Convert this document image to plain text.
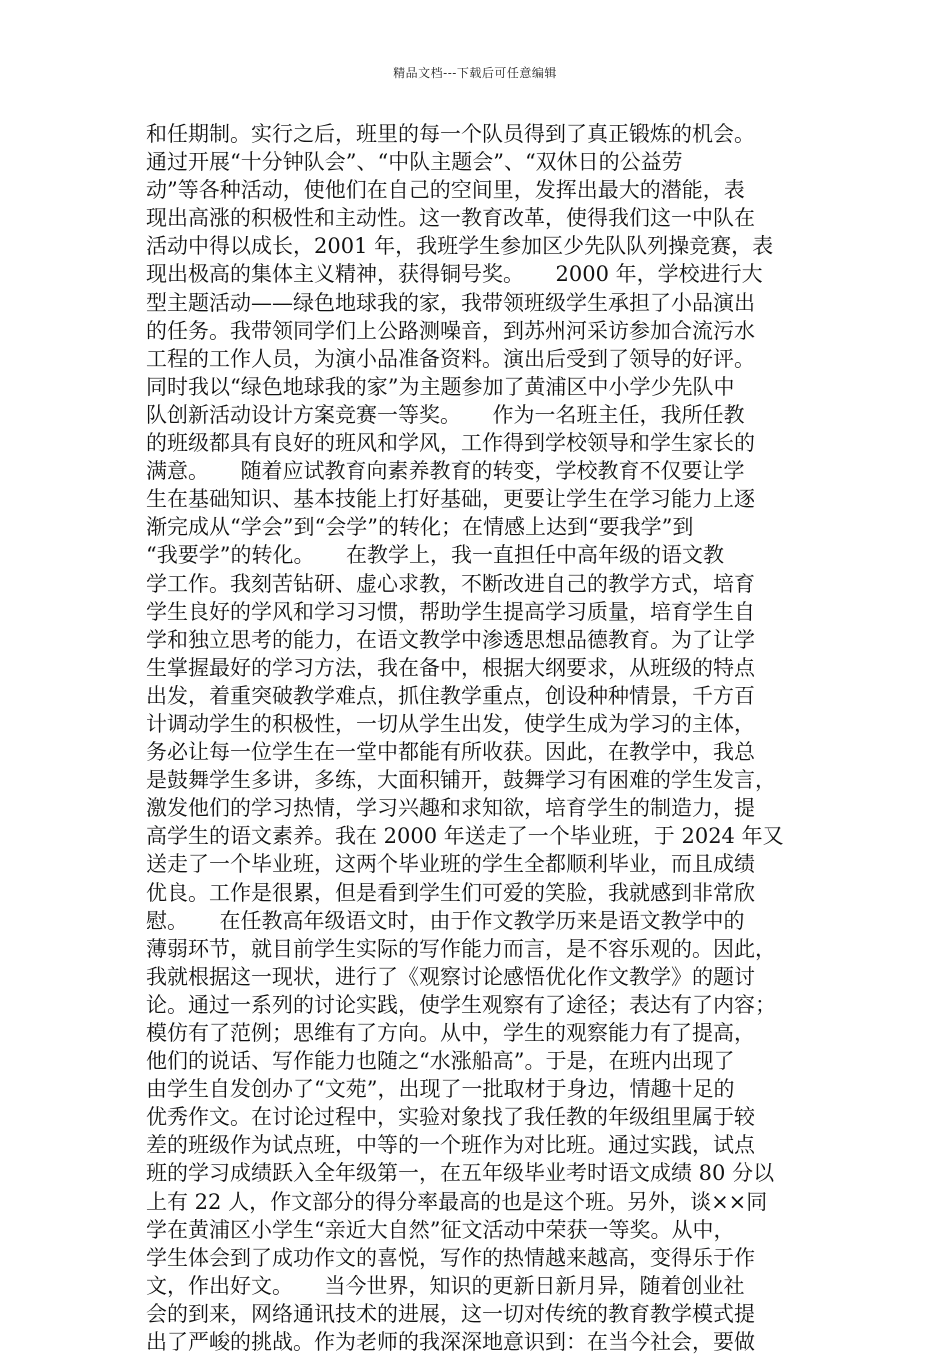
精品文档---下载后可任意编辑
和任期制。实行之后，班里的每一个队员得到了真正锻炼的机会。
通过开展“十分钟队会”、“中队主题会”、“双休日的公益劳
动”等各种活动，使他们在自己的空间里，发挥出最大的潜能，表
现出高涨的积极性和主动性。这一教育改革，使得我们这一中队在
活动中得以成长，2001 年，我班学生参加区少先队队列操竞赛，表
现出极高的集体主义精神，获得铜号奖。　　2000 年，学校进行大
型主题活动——绿色地球我的家，我带领班级学生承担了小品演出
的任务。我带领同学们上公路测噪音，到苏州河采访参加合流污水
工程的工作人员，为演小品准备资料。演出后受到了领导的好评。
同时我以“绿色地球我的家”为主题参加了黄浦区中小学少先队中
队创新活动设计方案竞赛一等奖。　　作为一名班主任，我所任教
的班级都具有良好的班风和学风，工作得到学校领导和学生家长的
满意。　　随着应试教育向素养教育的转变，学校教育不仅要让学
生在基础知识、基本技能上打好基础，更要让学生在学习能力上逐
渐完成从“学会”到“会学”的转化；在情感上达到“要我学”到
“我要学”的转化。　　在教学上，我一直担任中高年级的语文教
学工作。我刻苦钻研、虚心求教，不断改进自己的教学方式，培育
学生良好的学风和学习习惯，帮助学生提高学习质量，培育学生自
学和独立思考的能力，在语文教学中渗透思想品德教育。为了让学
生掌握最好的学习方法，我在备中，根据大纲要求，从班级的特点
出发，着重突破教学难点，抓住教学重点，创设种种情景，千方百
计调动学生的积极性，一切从学生出发，使学生成为学习的主体，
务必让每一位学生在一堂中都能有所收获。因此，在教学中，我总
是鼓舞学生多讲，多练，大面积铺开，鼓舞学习有困难的学生发言，
激发他们的学习热情，学习兴趣和求知欲，培育学生的制造力，提
高学生的语文素养。我在 2000 年送走了一个毕业班，于 2024 年又
送走了一个毕业班，这两个毕业班的学生全都顺利毕业，而且成绩
优良。工作是很累，但是看到学生们可爱的笑脸，我就感到非常欣
慰。　　在任教高年级语文时，由于作文教学历来是语文教学中的
薄弱环节，就目前学生实际的写作能力而言，是不容乐观的。因此，
我就根据这一现状，进行了《观察讨论感悟优化作文教学》的题讨
论。通过一系列的讨论实践，使学生观察有了途径；表达有了内容；
模仿有了范例；思维有了方向。从中，学生的观察能力有了提高，
他们的说话、写作能力也随之“水涨船高”。于是，在班内出现了
由学生自发创办了“文苑”，出现了一批取材于身边，情趣十足的
优秀作文。在讨论过程中，实验对象找了我任教的年级组里属于较
差的班级作为试点班，中等的一个班作为对比班。通过实践，试点
班的学习成绩跃入全年级第一，在五年级毕业考时语文成绩 80 分以
上有 22 人，作文部分的得分率最高的也是这个班。另外，谈××同
学在黄浦区小学生“亲近大自然”征文活动中荣获一等奖。从中，
学生体会到了成功作文的喜悦，写作的热情越来越高，变得乐于作
文，作出好文。　　当今世界，知识的更新日新月异，随着创业社
会的到来，网络通讯技术的进展，这一切对传统的教育教学模式提
出了严峻的挑战。作为老师的我深深地意识到：在当今社会，要做
